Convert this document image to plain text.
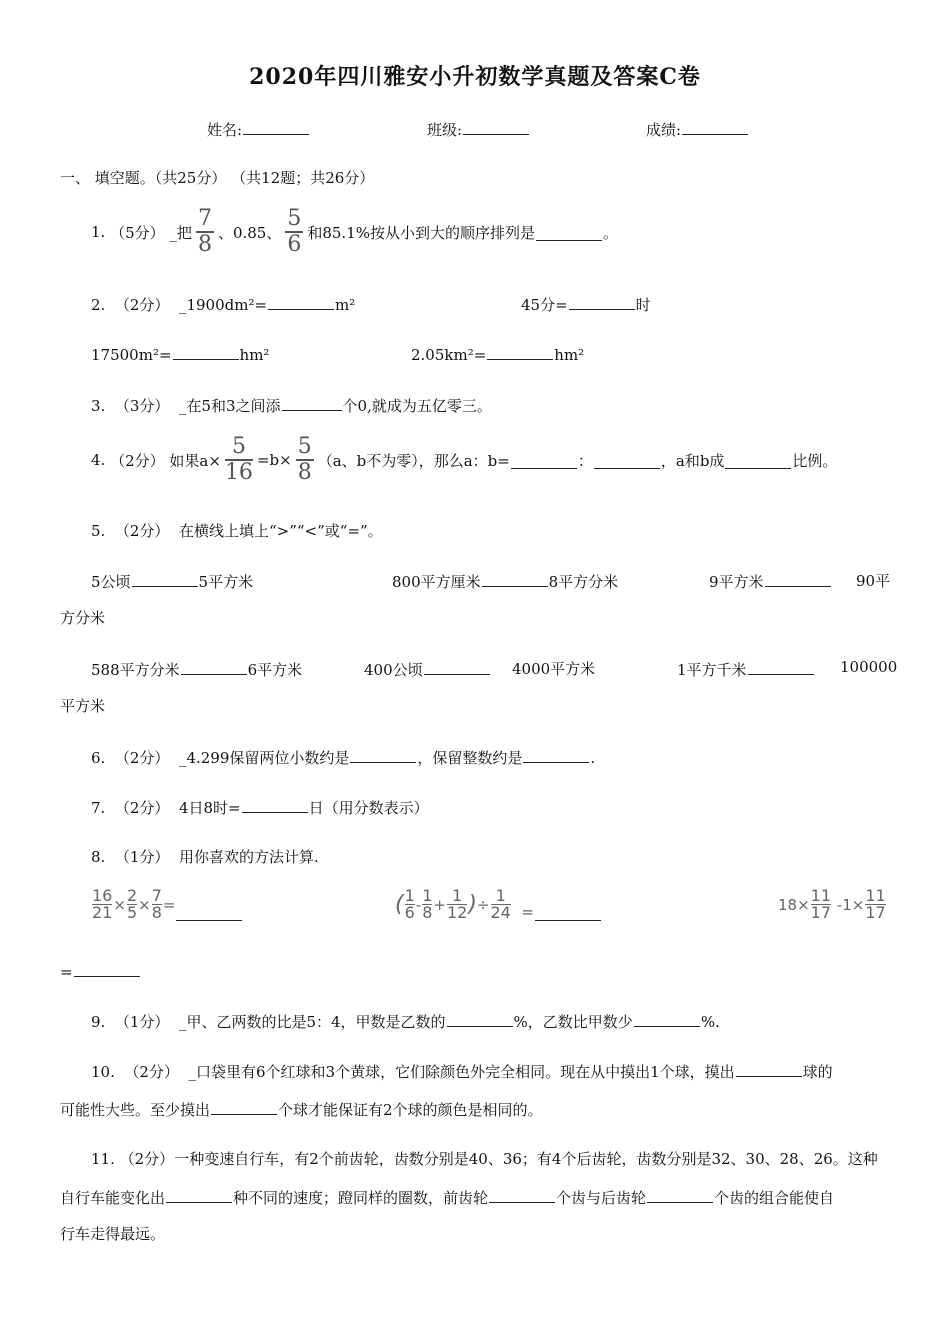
2020年四川雅安小升初数学真题及答案C卷
姓名:	班级:	成绩:
一、 填空题。（共25分） （共12题；共26分）
1.
（5分）
_把 $\frac{7}{8}$ 、0.85、 $\frac{5}{6}$ 和85.1%按从小到大的顺序排列是	。
2. （2分） _1900dm²=	m²	45分=	时
17500m²=	hm²	2.05km²=	hm²
3. （3分） _在5和3之间添	个0,就成为五亿零三。
4.
（2分）
如果$a\times \frac{5}{16} =b\times \frac{5}{8} (a$、b不为零），那么a：b=	：	，a和b成	比例。
5. （2分） 在横线上填上“>”“<”或“=”。
5公顷	5平方米	800平方厘米	8平方分米	9平方米	90平
方分米
588平方分米	6平方米	400公顷	4000平方米	1平方千米	100000
平方米
6. （2分） _4.299保留两位小数约是	，保留整数约是	.
7. （2分） 4日8时=	日（用分数表示）
8. （1分） 用你喜欢的方法计算.
$\frac{16}{21} \times \frac{2}{5} \times \frac{7}{8}$ =	( $\frac{1}{6} - \frac{1}{8} + \frac{1}{12}$ ) ÷ $\frac{1}{24}$
=	$18\times \frac{11}{17}$
$-1\times \frac{11}{17}$
=
9. （1分） _甲、乙两数的比是5：4，甲数是乙数的	%，乙数比甲数少	%.
10. （2分） _口袋里有6个红球和3个黄球，它们除颜色外完全相同。现在从中摸出1个球，摸出	球的
可能性大些。至少摸出	个球才能保证有2个球的颜色是相同的。
11. （2分）一种变速自行车，有2个前齿轮，齿数分别是40、36；有4个后齿轮，齿数分别是32、30、28、26。这种
自行车能变化出	种不同的速度；蹬同样的圈数，前齿轮	个齿与后齿轮	个齿的组合能使自
行车走得最远。
